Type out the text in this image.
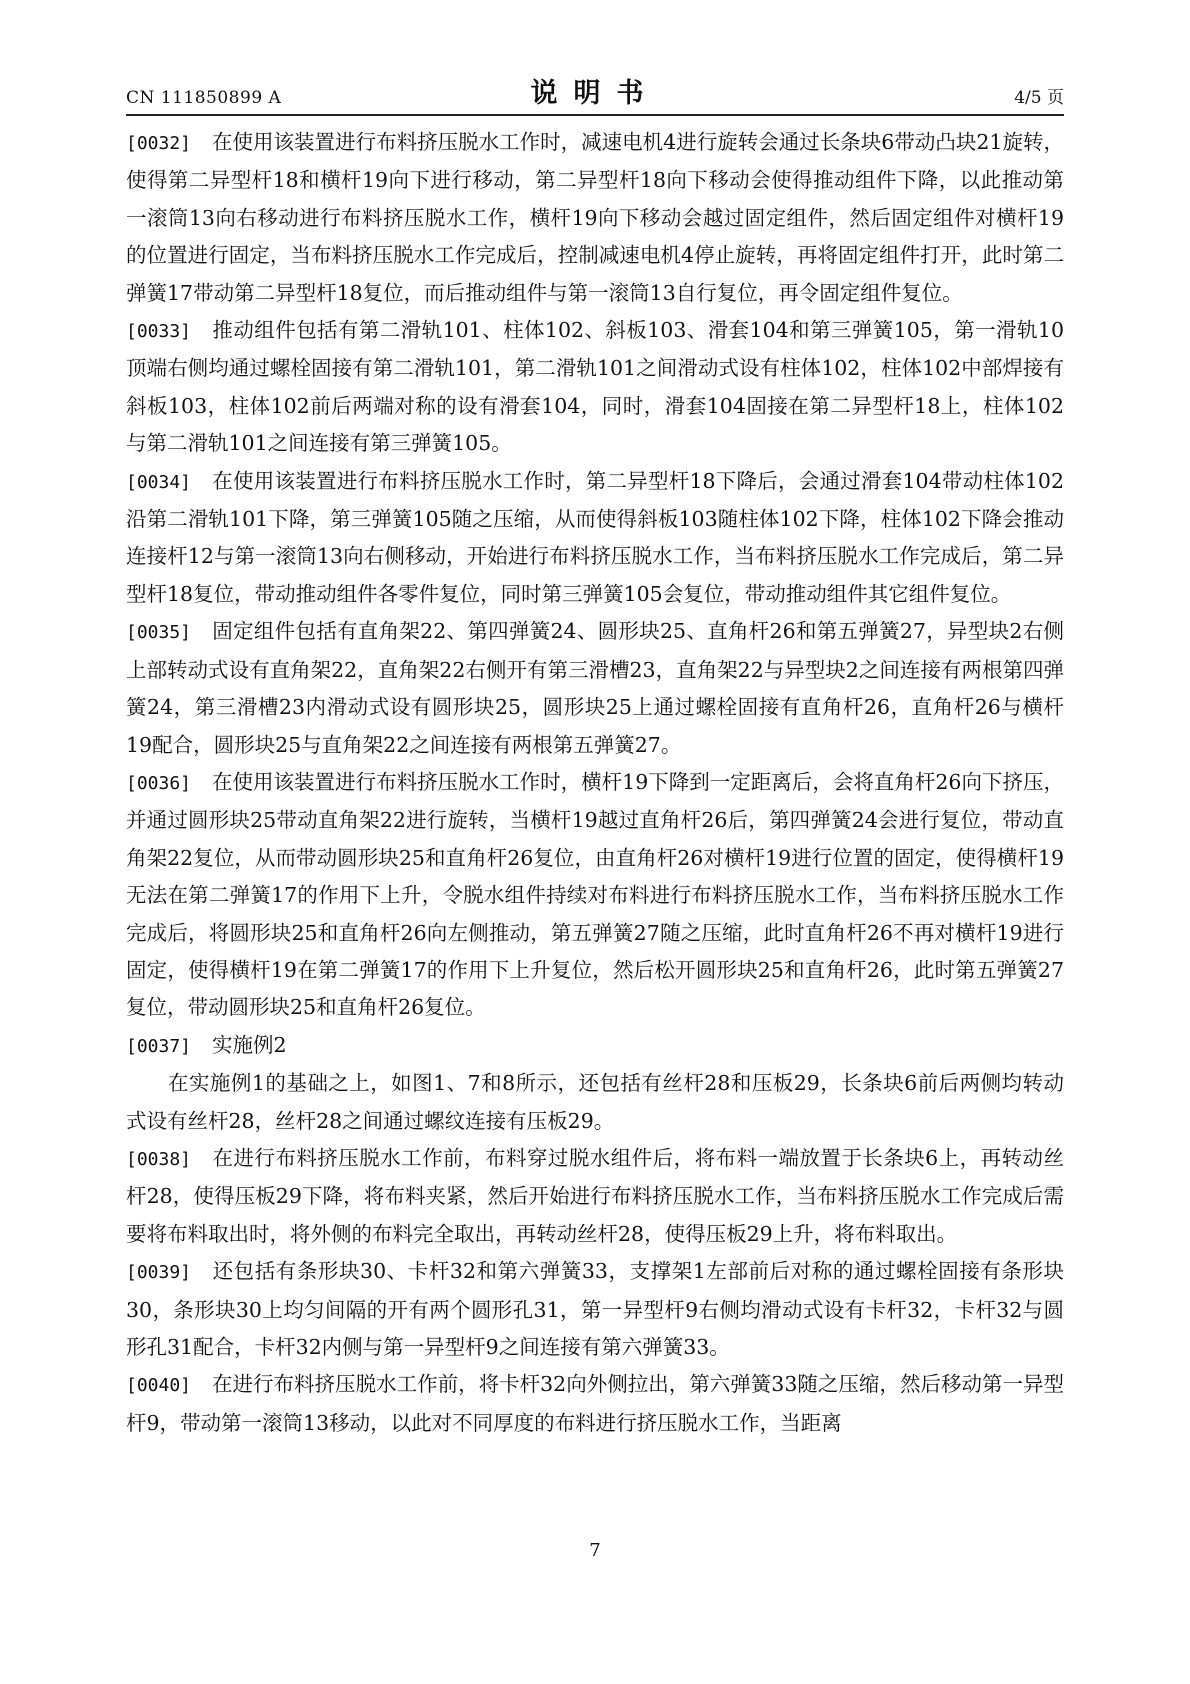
CN 111850899 A	说明书	4/5 页

[0032] 在使用该装置进行布料挤压脱水工作时，减速电机4进行旋转会通过长条块6带动凸块21旋转，使得第二异型杆18和横杆19向下进行移动，第二异型杆18向下移动会使得推动组件下降，以此推动第一滚筒13向右移动进行布料挤压脱水工作，横杆19向下移动会越过固定组件，然后固定组件对横杆19的位置进行固定，当布料挤压脱水工作完成后，控制减速电机4停止旋转，再将固定组件打开，此时第二弹簧17带动第二异型杆18复位，而后推动组件与第一滚筒13自行复位，再令固定组件复位。

[0033] 推动组件包括有第二滑轨101、柱体102、斜板103、滑套104和第三弹簧105，第一滑轨10顶端右侧均通过螺栓固接有第二滑轨101，第二滑轨101之间滑动式设有柱体102，柱体102中部焊接有斜板103，柱体102前后两端对称的设有滑套104，同时，滑套104固接在第二异型杆18上，柱体102与第二滑轨101之间连接有第三弹簧105。

[0034] 在使用该装置进行布料挤压脱水工作时，第二异型杆18下降后，会通过滑套104带动柱体102沿第二滑轨101下降，第三弹簧105随之压缩，从而使得斜板103随柱体102下降，柱体102下降会推动连接杆12与第一滚筒13向右侧移动，开始进行布料挤压脱水工作，当布料挤压脱水工作完成后，第二异型杆18复位，带动推动组件各零件复位，同时第三弹簧105会复位，带动推动组件其它组件复位。

[0035] 固定组件包括有直角架22、第四弹簧24、圆形块25、直角杆26和第五弹簧27，异型块2右侧上部转动式设有直角架22，直角架22右侧开有第三滑槽23，直角架22与异型块2之间连接有两根第四弹簧24，第三滑槽23内滑动式设有圆形块25，圆形块25上通过螺栓固接有直角杆26，直角杆26与横杆19配合，圆形块25与直角架22之间连接有两根第五弹簧27。

[0036] 在使用该装置进行布料挤压脱水工作时，横杆19下降到一定距离后，会将直角杆26向下挤压，并通过圆形块25带动直角架22进行旋转，当横杆19越过直角杆26后，第四弹簧24会进行复位，带动直角架22复位，从而带动圆形块25和直角杆26复位，由直角杆26对横杆19进行位置的固定，使得横杆19无法在第二弹簧17的作用下上升，令脱水组件持续对布料进行布料挤压脱水工作，当布料挤压脱水工作完成后，将圆形块25和直角杆26向左侧推动，第五弹簧27随之压缩，此时直角杆26不再对横杆19进行固定，使得横杆19在第二弹簧17的作用下上升复位，然后松开圆形块25和直角杆26，此时第五弹簧27复位，带动圆形块25和直角杆26复位。

[0037] 实施例2

在实施例1的基础之上，如图1、7和8所示，还包括有丝杆28和压板29，长条块6前后两侧均转动式设有丝杆28，丝杆28之间通过螺纹连接有压板29。

[0038] 在进行布料挤压脱水工作前，布料穿过脱水组件后，将布料一端放置于长条块6上，再转动丝杆28，使得压板29下降，将布料夹紧，然后开始进行布料挤压脱水工作，当布料挤压脱水工作完成后需要将布料取出时，将外侧的布料完全取出，再转动丝杆28，使得压板29上升，将布料取出。

[0039] 还包括有条形块30、卡杆32和第六弹簧33，支撑架1左部前后对称的通过螺栓固接有条形块30，条形块30上均匀间隔的开有两个圆形孔31，第一异型杆9右侧均滑动式设有卡杆32，卡杆32与圆形孔31配合，卡杆32内侧与第一异型杆9之间连接有第六弹簧33。

[0040] 在进行布料挤压脱水工作前，将卡杆32向外侧拉出，第六弹簧33随之压缩，然后移动第一异型杆9，带动第一滚筒13移动，以此对不同厚度的布料进行挤压脱水工作，当距离

7
